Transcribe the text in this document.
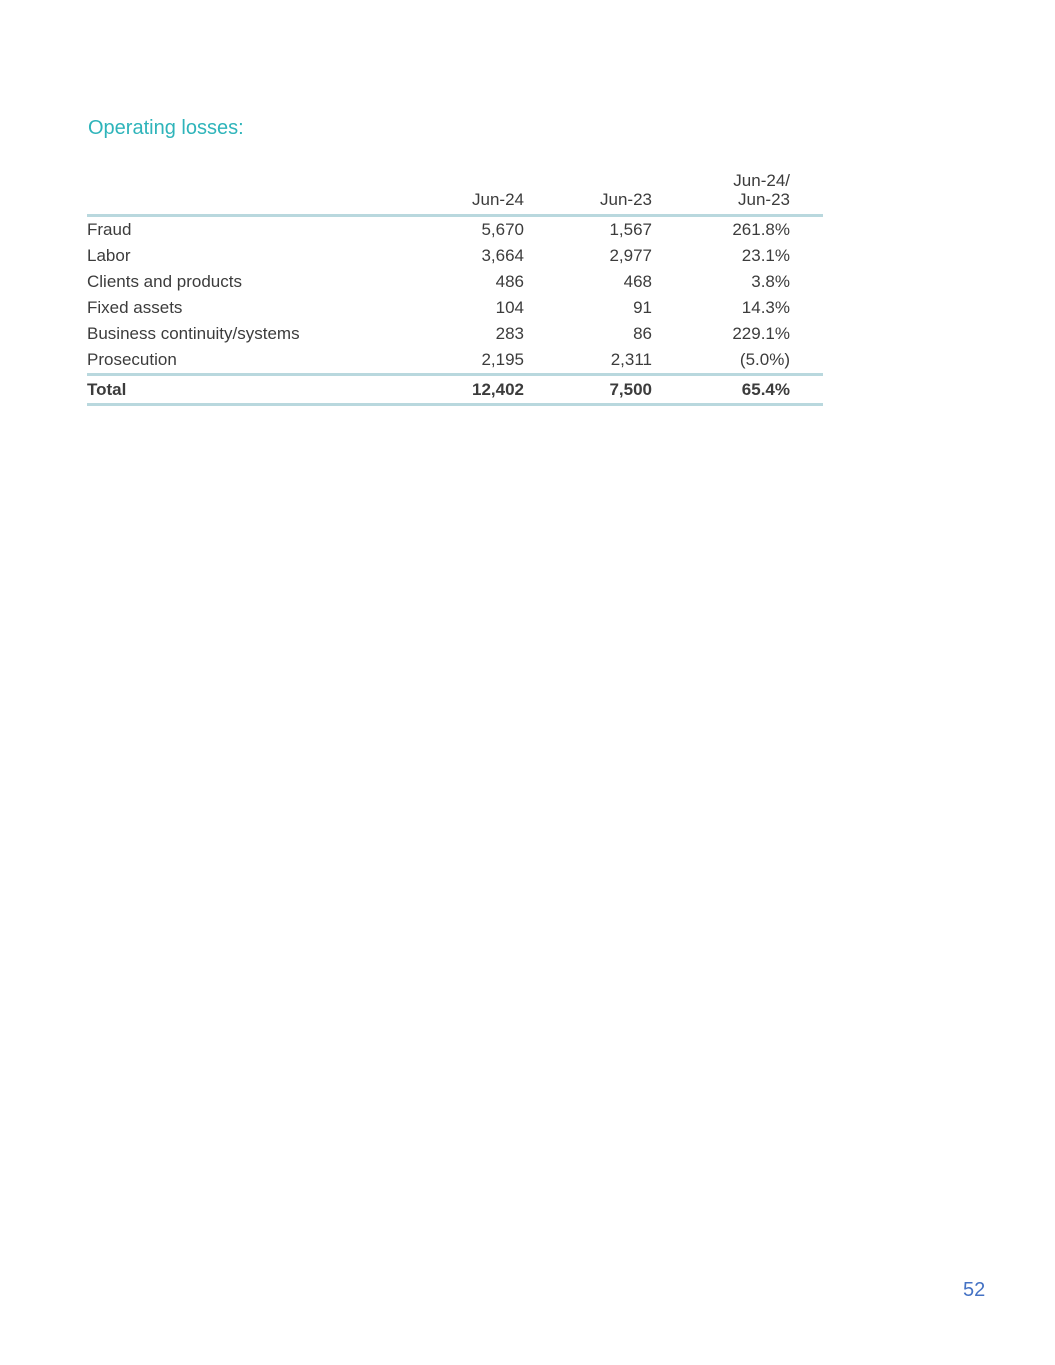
Operating losses:
	Jun-24	Jun-23	Jun-24/
Jun-23
Fraud	5,670	1,567	261.8%
Labor	3,664	2,977	23.1%
Clients and products	486	468	3.8%
Fixed assets	104	91	14.3%
Business continuity/systems	283	86	229.1%
Prosecution	2,195	2,311	(5.0%)
Total	12,402	7,500	65.4%
52
